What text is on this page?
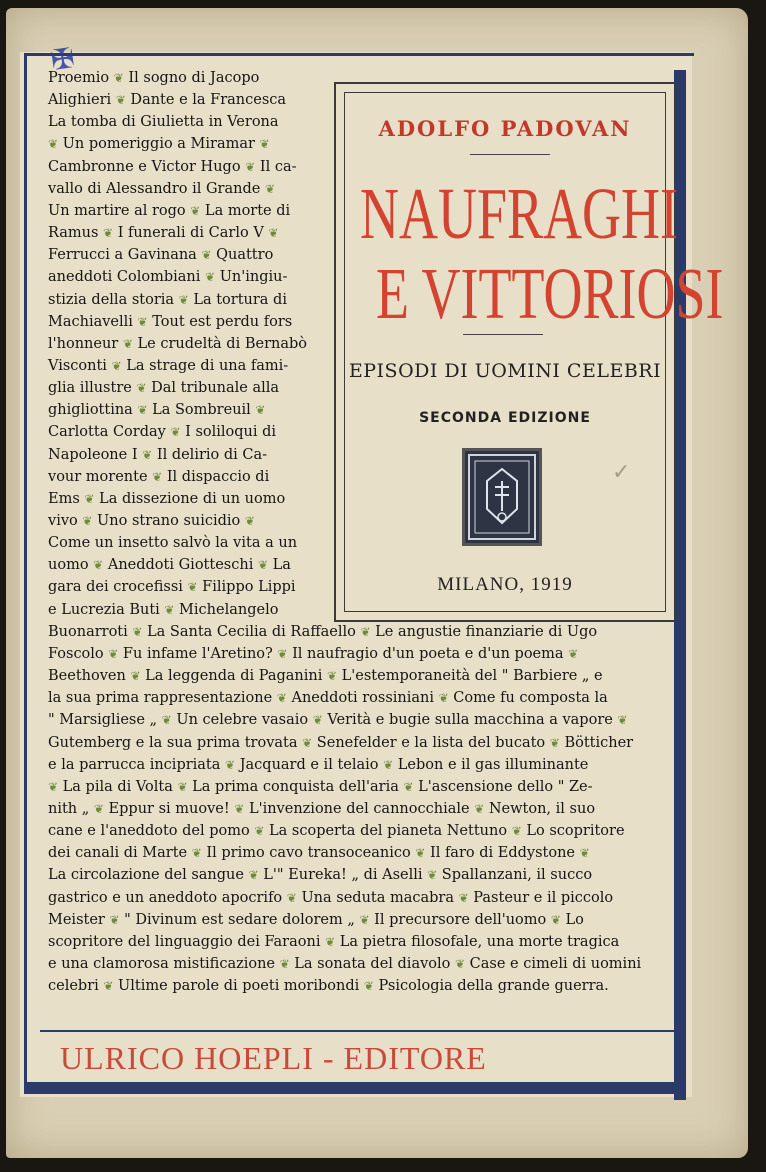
✠
Proemio ❦ Il sogno di Jacopo
Alighieri ❦ Dante e la Francesca
La tomba di Giulietta in Verona
❦ Un pomeriggio a Miramar ❦
Cambronne e Victor Hugo ❦ Il ca-
vallo di Alessandro il Grande ❦
Un martire al rogo ❦ La morte di
Ramus ❦ I funerali di Carlo V ❦
Ferrucci a Gavinana ❦ Quattro
aneddoti Colombiani ❦ Un'ingiu-
stizia della storia ❦ La tortura di
Machiavelli ❦ Tout est perdu fors
l'honneur ❦ Le crudeltà di Bernabò
Visconti ❦ La strage di una fami-
glia illustre ❦ Dal tribunale alla
ghigliottina ❦ La Sombreuil ❦
Carlotta Corday ❦ I soliloqui di
Napoleone I ❦ Il delirio di Ca-
vour morente ❦ Il dispaccio di
Ems ❦ La dissezione di un uomo
vivo ❦ Uno strano suicidio ❦
Come un insetto salvò la vita a un
uomo ❦ Aneddoti Giotteschi ❦ La
gara dei crocefissi ❦ Filippo Lippi
e Lucrezia Buti ❦ Michelangelo
Buonarroti ❦ La Santa Cecilia di Raffaello ❦ Le angustie finanziarie di Ugo
Foscolo ❦ Fu infame l'Aretino? ❦ Il naufragio d'un poeta e d'un poema ❦
Beethoven ❦ La leggenda di Paganini ❦ L'estemporaneità del " Barbiere „ e
la sua prima rappresentazione ❦ Aneddoti rossiniani ❦ Come fu composta la
" Marsigliese „ ❦ Un celebre vasaio ❦ Verità e bugie sulla macchina a vapore ❦
Gutemberg e la sua prima trovata ❦ Senefelder e la lista del bucato ❦ Bötticher
e la parrucca incipriata ❦ Jacquard e il telaio ❦ Lebon e il gas illuminante
❦ La pila di Volta ❦ La prima conquista dell'aria ❦ L'ascensione dello " Ze-
nith „ ❦ Eppur si muove! ❦ L'invenzione del cannocchiale ❦ Newton, il suo
cane e l'aneddoto del pomo ❦ La scoperta del pianeta Nettuno ❦ Lo scopritore
dei canali di Marte ❦ Il primo cavo transoceanico ❦ Il faro di Eddystone ❦
La circolazione del sangue ❦ L'" Eureka! „ di Aselli ❦ Spallanzani, il succo
gastrico e un aneddoto apocrifo ❦ Una seduta macabra ❦ Pasteur e il piccolo
Meister ❦ " Divinum est sedare dolorem „ ❦ Il precursore dell'uomo ❦ Lo
scopritore del linguaggio dei Faraoni ❦ La pietra filosofale, una morte tragica
e una clamorosa mistificazione ❦ La sonata del diavolo ❦ Case e cimeli di uomini
celebri ❦ Ultime parole di poeti moribondi ❦ Psicologia della grande guerra.
ADOLFO PADOVAN
NAUFRAGHI
E VITTORIOSI
EPISODI DI UOMINI CELEBRI
SECONDA EDIZIONE
MILANO, 1919
✓
ULRICO HOEPLI - EDITORE
